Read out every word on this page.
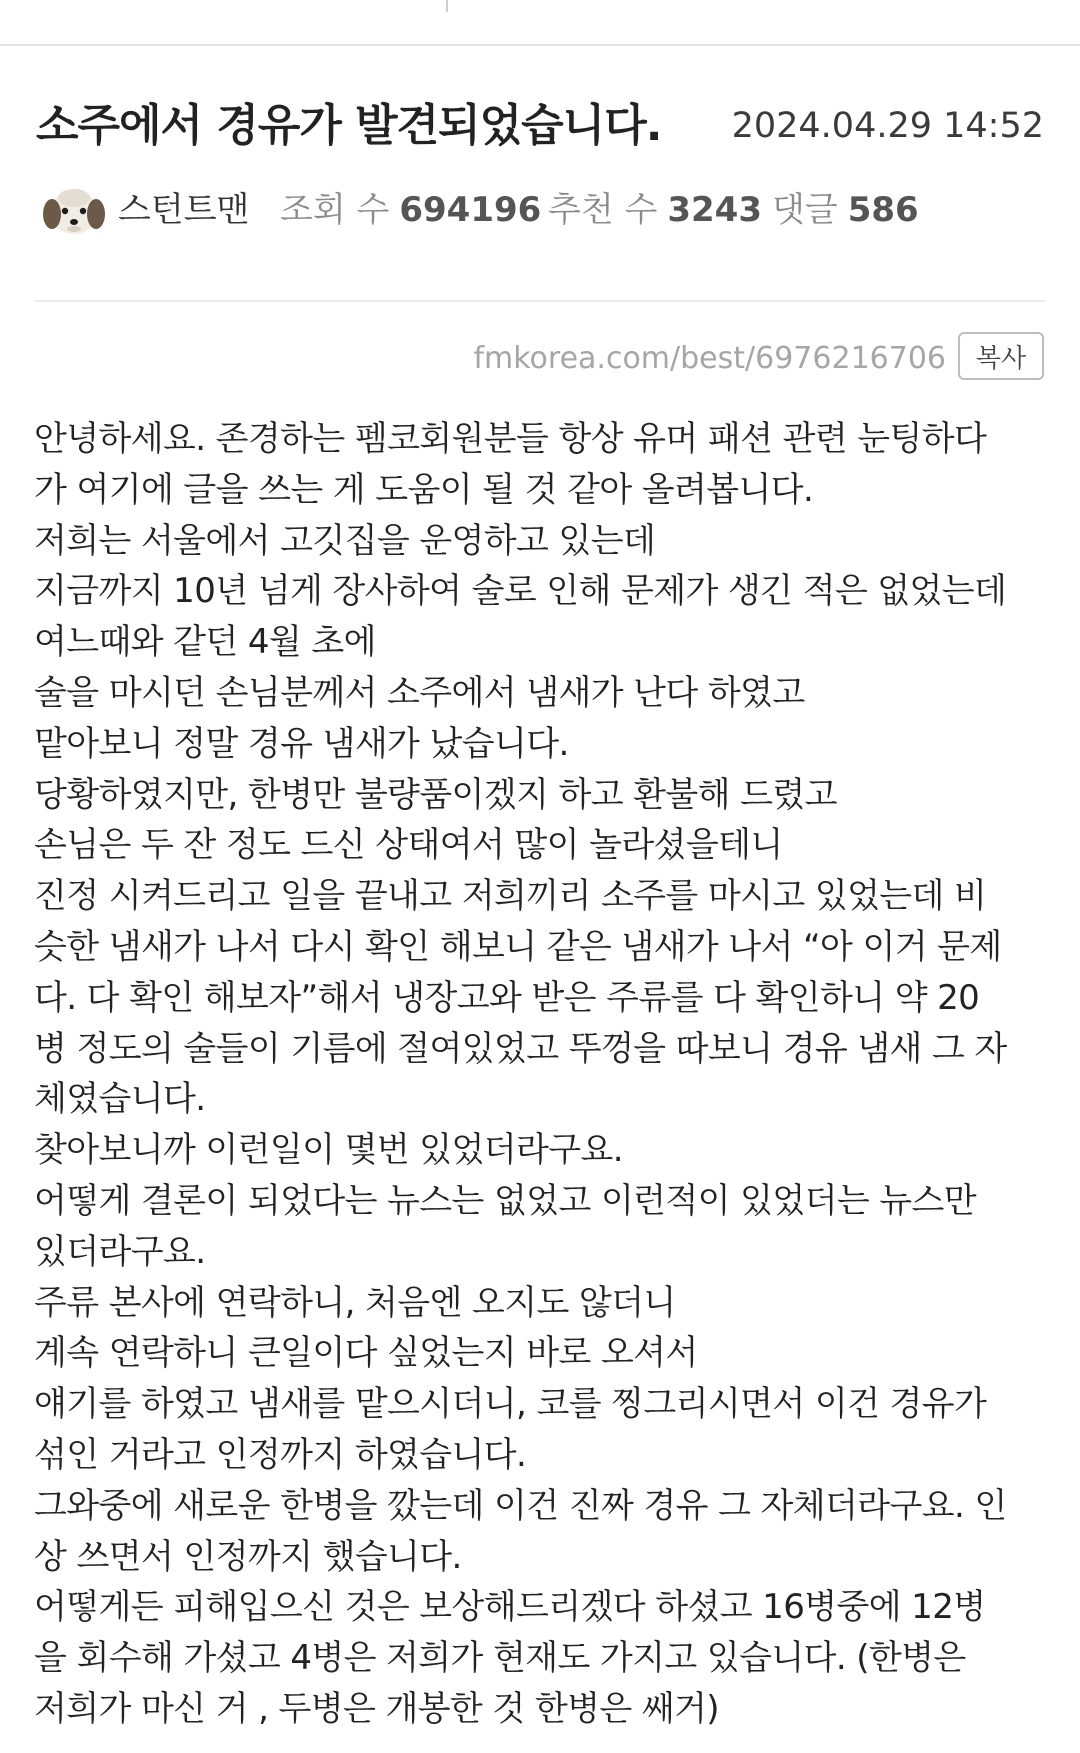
소주에서 경유가 발견되었습니다. 2024.04.29 14:52
스턴트맨 조회 수 694196 추천 수 3243 댓글 586
fmkorea.com/best/6976216706	복사
안녕하세요. 존경하는 펨코회원분들 항상 유머 패션 관련 눈팅하다
가 여기에 글을 쓰는 게 도움이 될 것 같아 올려봅니다.
저희는 서울에서 고깃집을 운영하고 있는데
지금까지 10년 넘게 장사하여 술로 인해 문제가 생긴 적은 없었는데
여느때와 같던 4월 초에
술을 마시던 손님분께서 소주에서 냄새가 난다 하였고
맡아보니 정말 경유 냄새가 났습니다.
당황하였지만, 한병만 불량품이겠지 하고 환불해 드렸고
손님은 두 잔 정도 드신 상태여서 많이 놀라셨을테니
진정 시켜드리고 일을 끝내고 저희끼리 소주를 마시고 있었는데 비
슷한 냄새가 나서 다시 확인 해보니 같은 냄새가 나서 “아 이거 문제
다. 다 확인 해보자”해서 냉장고와 받은 주류를 다 확인하니 약 20
병 정도의 술들이 기름에 절여있었고 뚜껑을 따보니 경유 냄새 그 자
체였습니다.
찾아보니까 이런일이 몇번 있었더라구요.
어떻게 결론이 되었다는 뉴스는 없었고 이런적이 있었더는 뉴스만
있더라구요.
주류 본사에 연락하니, 처음엔 오지도 않더니
계속 연락하니 큰일이다 싶었는지 바로 오셔서
얘기를 하였고 냄새를 맡으시더니, 코를 찡그리시면서 이건 경유가
섞인 거라고 인정까지 하였습니다.
그와중에 새로운 한병을 깠는데 이건 진짜 경유 그 자체더라구요. 인
상 쓰면서 인정까지 했습니다.
어떻게든 피해입으신 것은 보상해드리겠다 하셨고 16병중에 12병
을 회수해 가셨고 4병은 저희가 현재도 가지고 있습니다. (한병은
저희가 마신 거 , 두병은 개봉한 것 한병은 쌔거)
